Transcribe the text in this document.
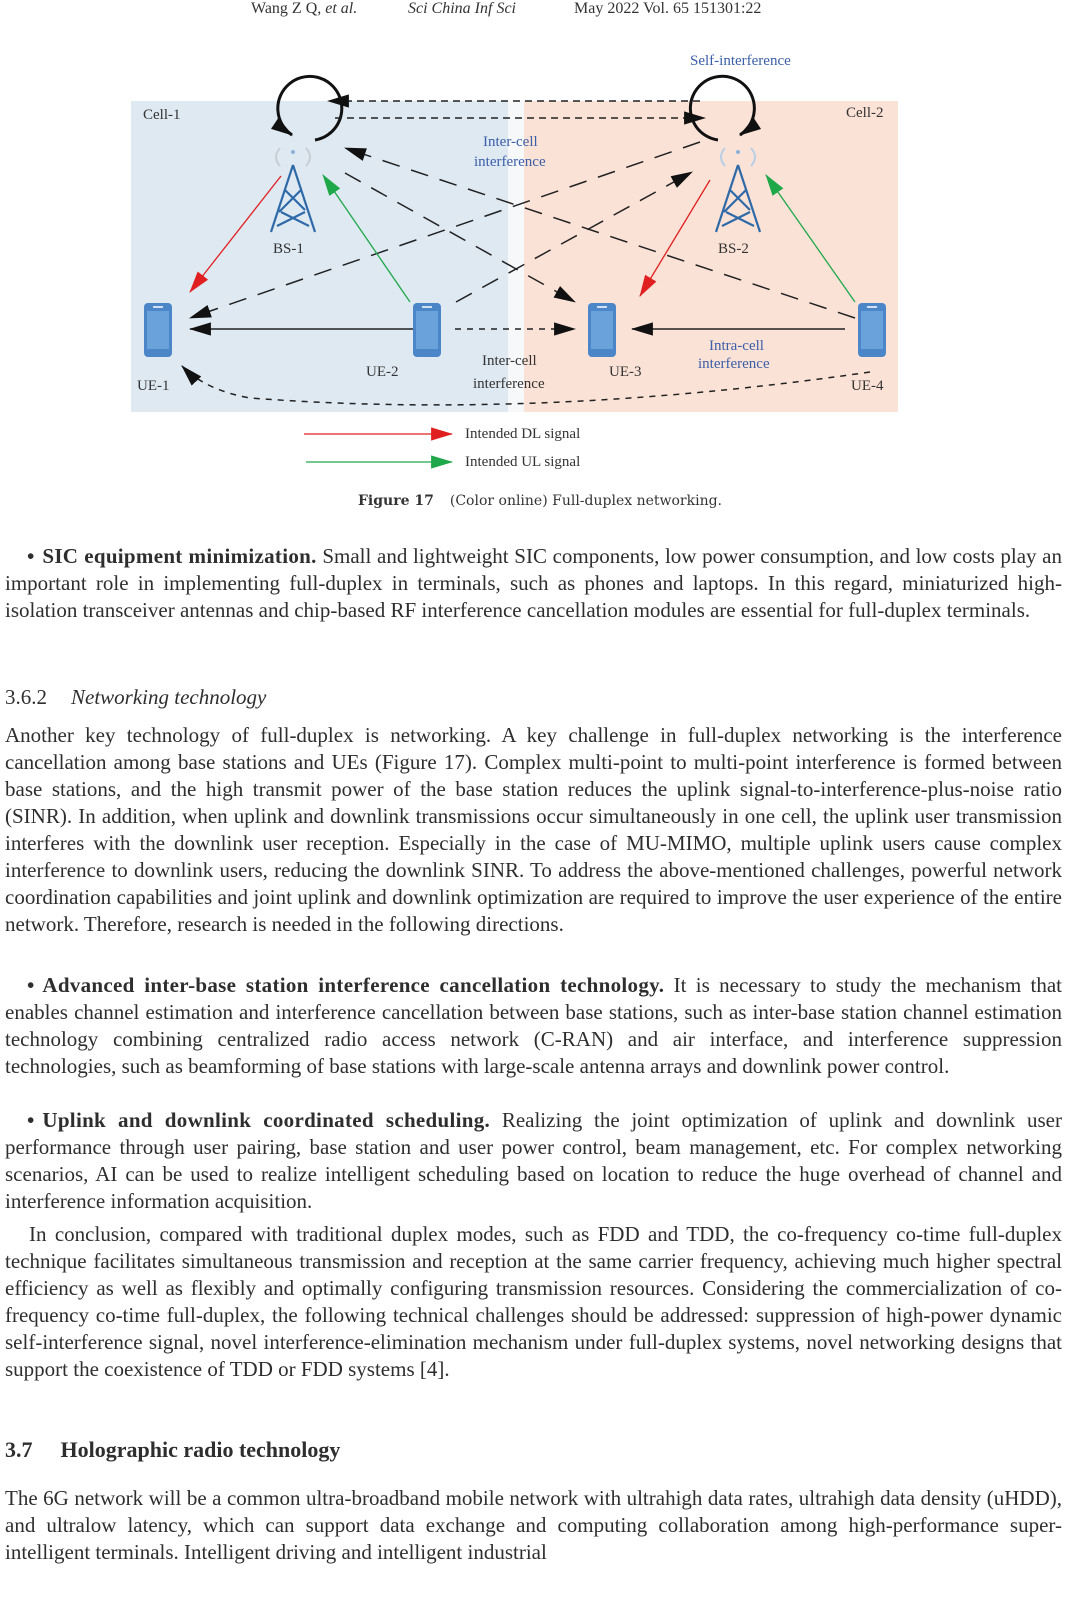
Wang Z Q, et al.	Sci China Inf Sci	May 2022 Vol. 65 151301:22
Self-interference
Cell-1	Cell-2
Inter-cell
interference
BS-1	BS-2
UE-1
UE-2	UE-3
UE-4
Inter-cell
interference
Intra-cell
interference
Intended DL signal
Intended UL signal
Figure 17 (Color online) Full-duplex networking.

• SIC equipment minimization. Small and lightweight SIC components, low power consumption, and low costs play an important role in implementing full-duplex in terminals, such as phones and laptops. In this regard, miniaturized high-isolation transceiver antennas and chip-based RF interference cancellation modules are essential for full-duplex terminals.

3.6.2 Networking technology

Another key technology of full-duplex is networking. A key challenge in full-duplex networking is the interference cancellation among base stations and UEs (Figure 17). Complex multi-point to multi-point interference is formed between base stations, and the high transmit power of the base station reduces the uplink signal-to-interference-plus-noise ratio (SINR). In addition, when uplink and downlink transmissions occur simultaneously in one cell, the uplink user transmission interferes with the downlink user reception. Especially in the case of MU-MIMO, multiple uplink users cause complex interference to downlink users, reducing the downlink SINR. To address the above-mentioned challenges, powerful network coordination capabilities and joint uplink and downlink optimization are required to improve the user experience of the entire network. Therefore, research is needed in the following directions.

• Advanced inter-base station interference cancellation technology. It is necessary to study the mechanism that enables channel estimation and interference cancellation between base stations, such as inter-base station channel estimation technology combining centralized radio access network (C-RAN) and air interface, and interference suppression technologies, such as beamforming of base stations with large-scale antenna arrays and downlink power control.

• Uplink and downlink coordinated scheduling. Realizing the joint optimization of uplink and downlink user performance through user pairing, base station and user power control, beam management, etc. For complex networking scenarios, AI can be used to realize intelligent scheduling based on location to reduce the huge overhead of channel and interference information acquisition.

In conclusion, compared with traditional duplex modes, such as FDD and TDD, the co-frequency co-time full-duplex technique facilitates simultaneous transmission and reception at the same carrier frequency, achieving much higher spectral efficiency as well as flexibly and optimally configuring transmission resources. Considering the commercialization of co-frequency co-time full-duplex, the following technical challenges should be addressed: suppression of high-power dynamic self-interference signal, novel interference-elimination mechanism under full-duplex systems, novel networking designs that support the coexistence of TDD or FDD systems [4].

3.7 Holographic radio technology

The 6G network will be a common ultra-broadband mobile network with ultrahigh data rates, ultrahigh data density (uHDD), and ultralow latency, which can support data exchange and computing collaboration among high-performance super-intelligent terminals. Intelligent driving and intelligent industrial
